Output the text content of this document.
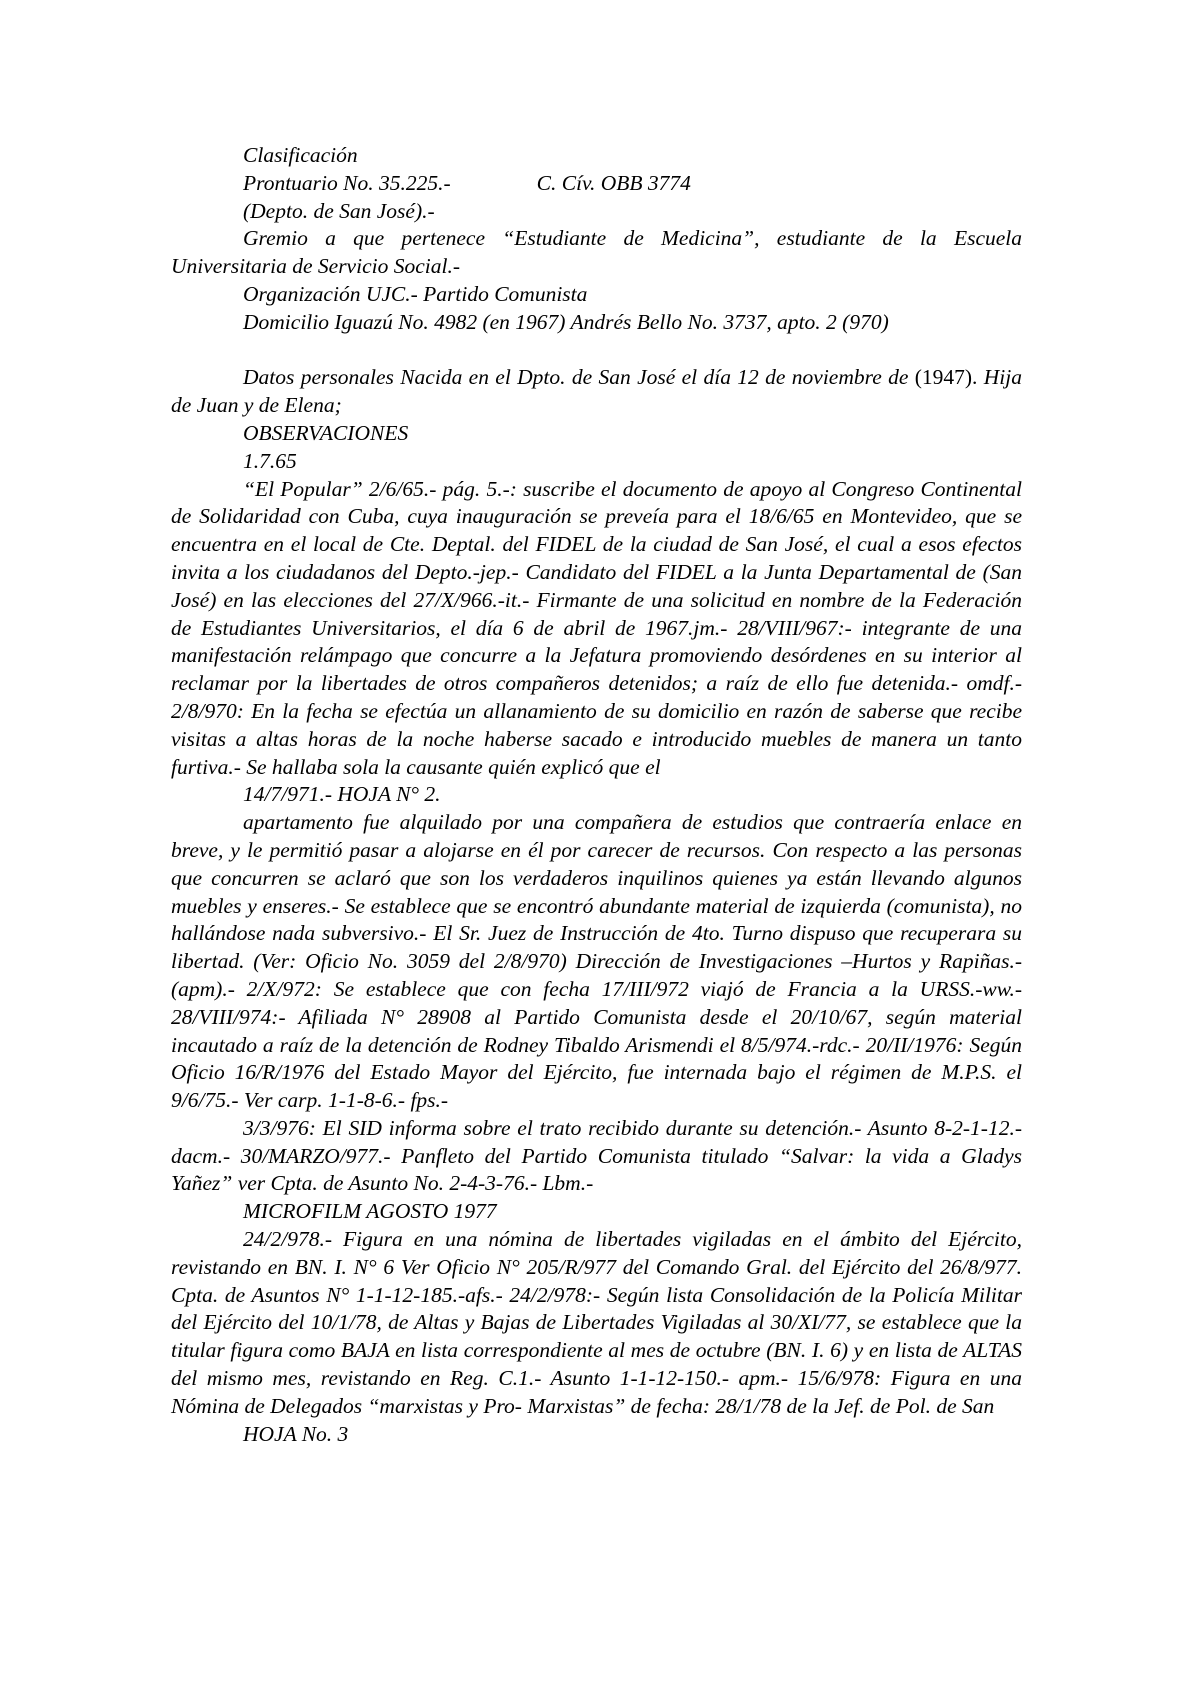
Clasificación

Prontuario No. 35.225.-	C. Cív. OBB 3774

(Depto. de San José).-

Gremio a que pertenece “Estudiante de Medicina”, estudiante de la Escuela Universitaria de Servicio Social.-

Organización UJC.- Partido Comunista

Domicilio Iguazú No. 4982 (en 1967) Andrés Bello No. 3737, apto. 2 (970)

Datos personales Nacida en el Dpto. de San José el día 12 de noviembre de (1947). Hija de Juan y de Elena;

OBSERVACIONES

1.7.65

“El Popular” 2/6/65.- pág. 5.-: suscribe el documento de apoyo al Congreso Continental de Solidaridad con Cuba, cuya inauguración se preveía para el 18/6/65 en Montevideo, que se encuentra en el local de Cte. Deptal. del FIDEL de la ciudad de San José, el cual a esos efectos invita a los ciudadanos del Depto.-jep.- Candidato del FIDEL a la Junta Departamental de (San José) en las elecciones del 27/X/966.-it.- Firmante de una solicitud en nombre de la Federación de Estudiantes Universitarios, el día 6 de abril de 1967.jm.- 28/VIII/967:- integrante de una manifestación relámpago que concurre a la Jefatura promoviendo desórdenes en su interior al reclamar por la libertades de otros compañeros detenidos; a raíz de ello fue detenida.- omdf.- 2/8/970: En la fecha se efectúa un allanamiento de su domicilio en razón de saberse que recibe visitas a altas horas de la noche haberse sacado e introducido muebles de manera un tanto furtiva.- Se hallaba sola la causante quién explicó que el

14/7/971.- HOJA N° 2.

apartamento fue alquilado por una compañera de estudios que contraería enlace en breve, y le permitió pasar a alojarse en él por carecer de recursos. Con respecto a las personas que concurren se aclaró que son los verdaderos inquilinos quienes ya están llevando algunos muebles y enseres.- Se establece que se encontró abundante material de izquierda (comunista), no hallándose nada subversivo.- El Sr. Juez de Instrucción de 4to. Turno dispuso que recuperara su libertad. (Ver: Oficio No. 3059 del 2/8/970) Dirección de Investigaciones –Hurtos y Rapiñas.- (apm).- 2/X/972: Se establece que con fecha 17/III/972 viajó de Francia a la URSS.-ww.- 28/VIII/974:- Afiliada N° 28908 al Partido Comunista desde el 20/10/67, según material incautado a raíz de la detención de Rodney Tibaldo Arismendi el 8/5/974.-rdc.- 20/II/1976: Según Oficio 16/R/1976 del Estado Mayor del Ejército, fue internada bajo el régimen de M.P.S. el 9/6/75.- Ver carp. 1-1-8-6.- fps.-

3/3/976: El SID informa sobre el trato recibido durante su detención.- Asunto 8-2-1-12.-dacm.- 30/MARZO/977.- Panfleto del Partido Comunista titulado “Salvar: la vida a Gladys Yañez” ver Cpta. de Asunto No. 2-4-3-76.- Lbm.-

MICROFILM AGOSTO 1977

24/2/978.- Figura en una nómina de libertades vigiladas en el ámbito del Ejército, revistando en BN. I. N° 6 Ver Oficio N° 205/R/977 del Comando Gral. del Ejército del 26/8/977. Cpta. de Asuntos N° 1-1-12-185.-afs.- 24/2/978:- Según lista Consolidación de la Policía Militar del Ejército del 10/1/78, de Altas y Bajas de Libertades Vigiladas al 30/XI/77, se establece que la titular figura como BAJA en lista correspondiente al mes de octubre (BN. I. 6) y en lista de ALTAS del mismo mes, revistando en Reg. C.1.- Asunto 1-1-12-150.- apm.- 15/6/978: Figura en una Nómina de Delegados “marxistas y Pro- Marxistas” de fecha: 28/1/78 de la Jef. de Pol. de San

HOJA No. 3
